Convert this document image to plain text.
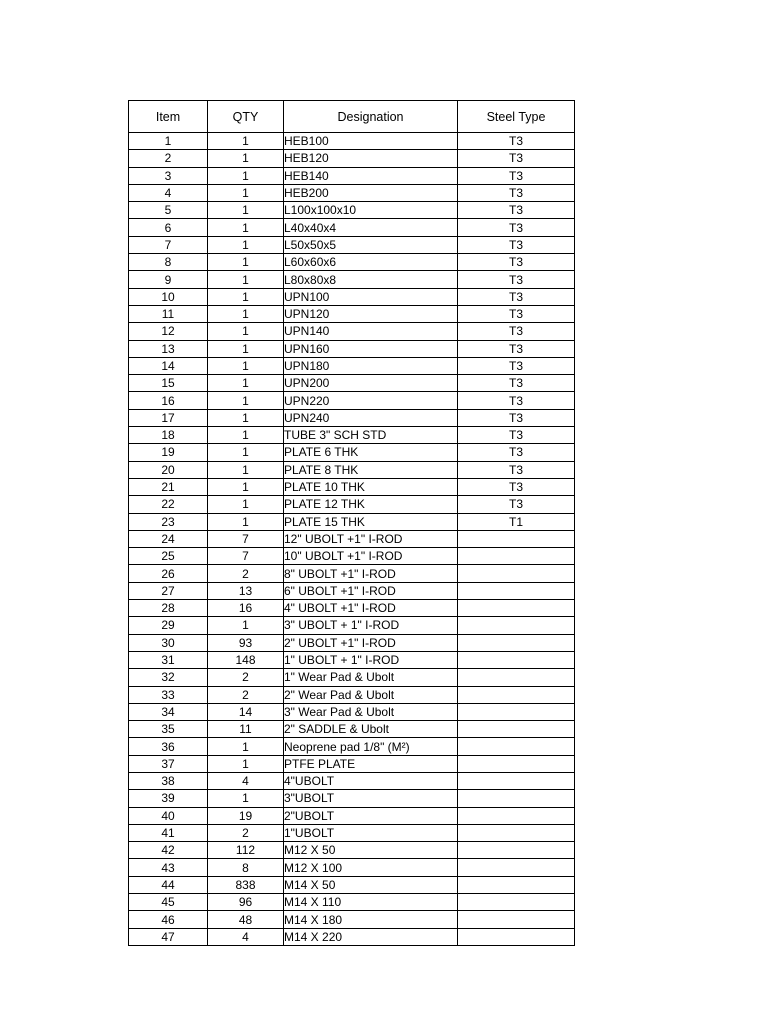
Item	QTY	Designation	Steel Type
1	1	HEB100	T3
2	1	HEB120	T3
3	1	HEB140	T3
4	1	HEB200	T3
5	1	L100x100x10	T3
6	1	L40x40x4	T3
7	1	L50x50x5	T3
8	1	L60x60x6	T3
9	1	L80x80x8	T3
10	1	UPN100	T3
11	1	UPN120	T3
12	1	UPN140	T3
13	1	UPN160	T3
14	1	UPN180	T3
15	1	UPN200	T3
16	1	UPN220	T3
17	1	UPN240	T3
18	1	TUBE 3" SCH STD	T3
19	1	PLATE 6 THK	T3
20	1	PLATE 8 THK	T3
21	1	PLATE 10 THK	T3
22	1	PLATE 12 THK	T3
23	1	PLATE 15 THK	T1
24	7	12" UBOLT +1" I-ROD	
25	7	10" UBOLT +1" I-ROD	
26	2	8" UBOLT +1" I-ROD	
27	13	6" UBOLT +1" I-ROD	
28	16	4" UBOLT +1" I-ROD	
29	1	3" UBOLT + 1" I-ROD	
30	93	2" UBOLT +1" I-ROD	
31	148	1" UBOLT + 1" I-ROD	
32	2	1" Wear Pad & Ubolt	
33	2	2" Wear Pad & Ubolt	
34	14	3" Wear Pad & Ubolt	
35	11	2" SADDLE & Ubolt	
36	1	Neoprene pad 1/8" (M²)	
37	1	PTFE PLATE	
38	4	4"UBOLT	
39	1	3"UBOLT	
40	19	2"UBOLT	
41	2	1"UBOLT	
42	112	M12 X 50	
43	8	M12 X 100	
44	838	M14 X 50	
45	96	M14 X 110	
46	48	M14 X 180	
47	4	M14 X 220	
